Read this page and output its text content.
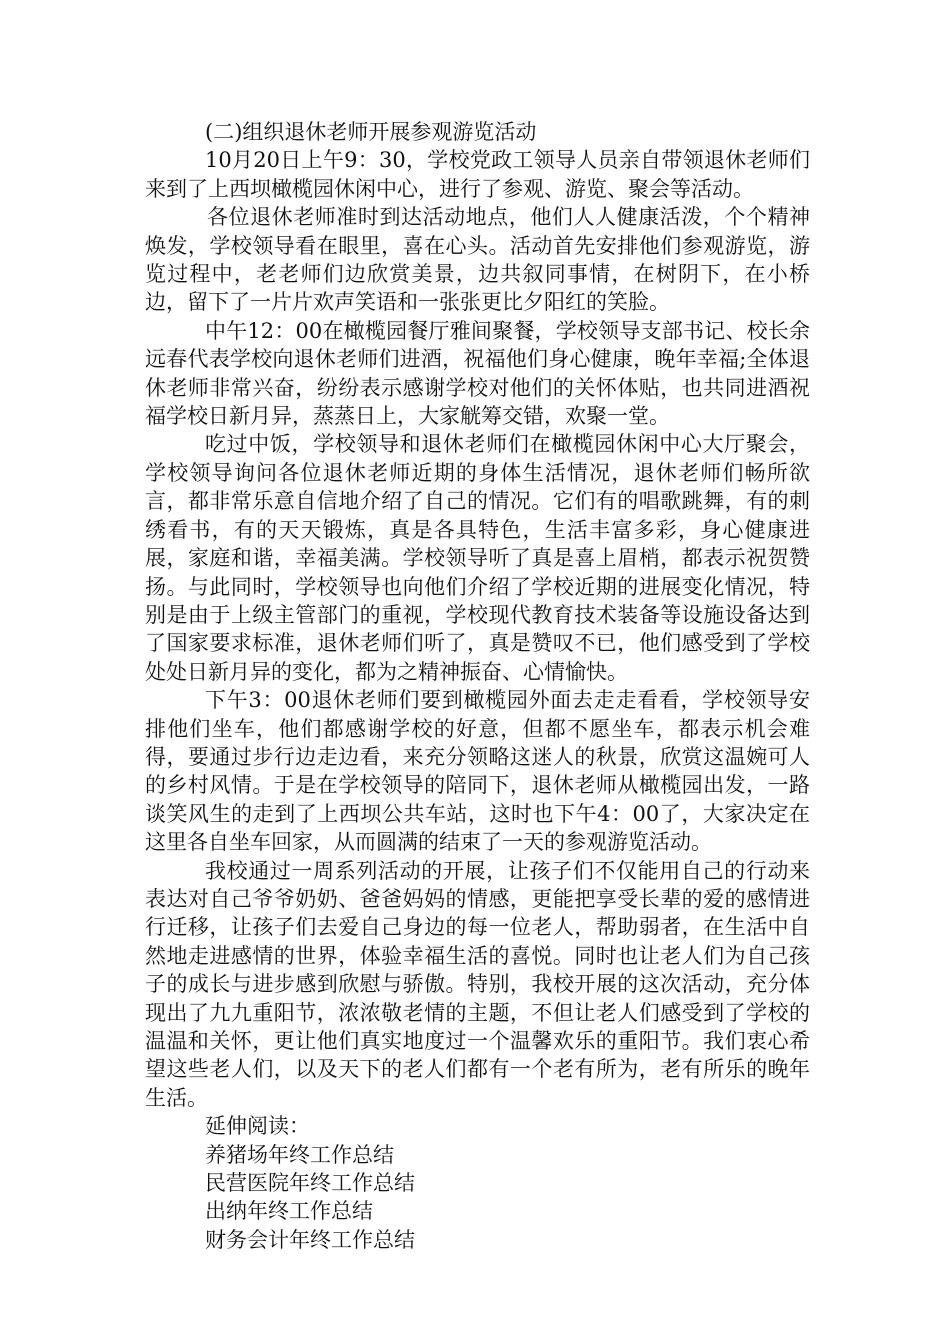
(二)组织退休老师开展参观游览活动

10月20日上午9：30，学校党政工领导人员亲自带领退休老师们来到了上西坝橄榄园休闲中心，进行了参观、游览、聚会等活动。

各位退休老师准时到达活动地点，他们人人健康活泼，个个精神焕发，学校领导看在眼里，喜在心头。活动首先安排他们参观游览，游览过程中，老老师们边欣赏美景，边共叙同事情，在树阴下，在小桥边，留下了一片片欢声笑语和一张张更比夕阳红的笑脸。

中午12：00在橄榄园餐厅雅间聚餐，学校领导支部书记、校长余远春代表学校向退休老师们进酒，祝福他们身心健康，晚年幸福;全体退休老师非常兴奋，纷纷表示感谢学校对他们的关怀体贴，也共同进酒祝福学校日新月异，蒸蒸日上，大家觥筹交错，欢聚一堂。

吃过中饭，学校领导和退休老师们在橄榄园休闲中心大厅聚会，学校领导询问各位退休老师近期的身体生活情况，退休老师们畅所欲言，都非常乐意自信地介绍了自己的情况。它们有的唱歌跳舞，有的刺绣看书，有的天天锻炼，真是各具特色，生活丰富多彩，身心健康进展，家庭和谐，幸福美满。学校领导听了真是喜上眉梢，都表示祝贺赞扬。与此同时，学校领导也向他们介绍了学校近期的进展变化情况，特别是由于上级主管部门的重视，学校现代教育技术装备等设施设备达到了国家要求标准，退休老师们听了，真是赞叹不已，他们感受到了学校处处日新月异的变化，都为之精神振奋、心情愉快。

下午3：00退休老师们要到橄榄园外面去走走看看，学校领导安排他们坐车，他们都感谢学校的好意，但都不愿坐车，都表示机会难得，要通过步行边走边看，来充分领略这迷人的秋景，欣赏这温婉可人的乡村风情。于是在学校领导的陪同下，退休老师从橄榄园出发，一路谈笑风生的走到了上西坝公共车站，这时也下午4：00了，大家决定在这里各自坐车回家，从而圆满的结束了一天的参观游览活动。

我校通过一周系列活动的开展，让孩子们不仅能用自己的行动来表达对自己爷爷奶奶、爸爸妈妈的情感，更能把享受长辈的爱的感情进行迁移，让孩子们去爱自己身边的每一位老人，帮助弱者，在生活中自然地走进感情的世界，体验幸福生活的喜悦。同时也让老人们为自己孩子的成长与进步感到欣慰与骄傲。特别，我校开展的这次活动，充分体现出了九九重阳节，浓浓敬老情的主题，不但让老人们感受到了学校的温温和关怀，更让他们真实地度过一个温馨欢乐的重阳节。我们衷心希望这些老人们，以及天下的老人们都有一个老有所为，老有所乐的晚年生活。

延伸阅读：

养猪场年终工作总结
民营医院年终工作总结
出纳年终工作总结
财务会计年终工作总结
